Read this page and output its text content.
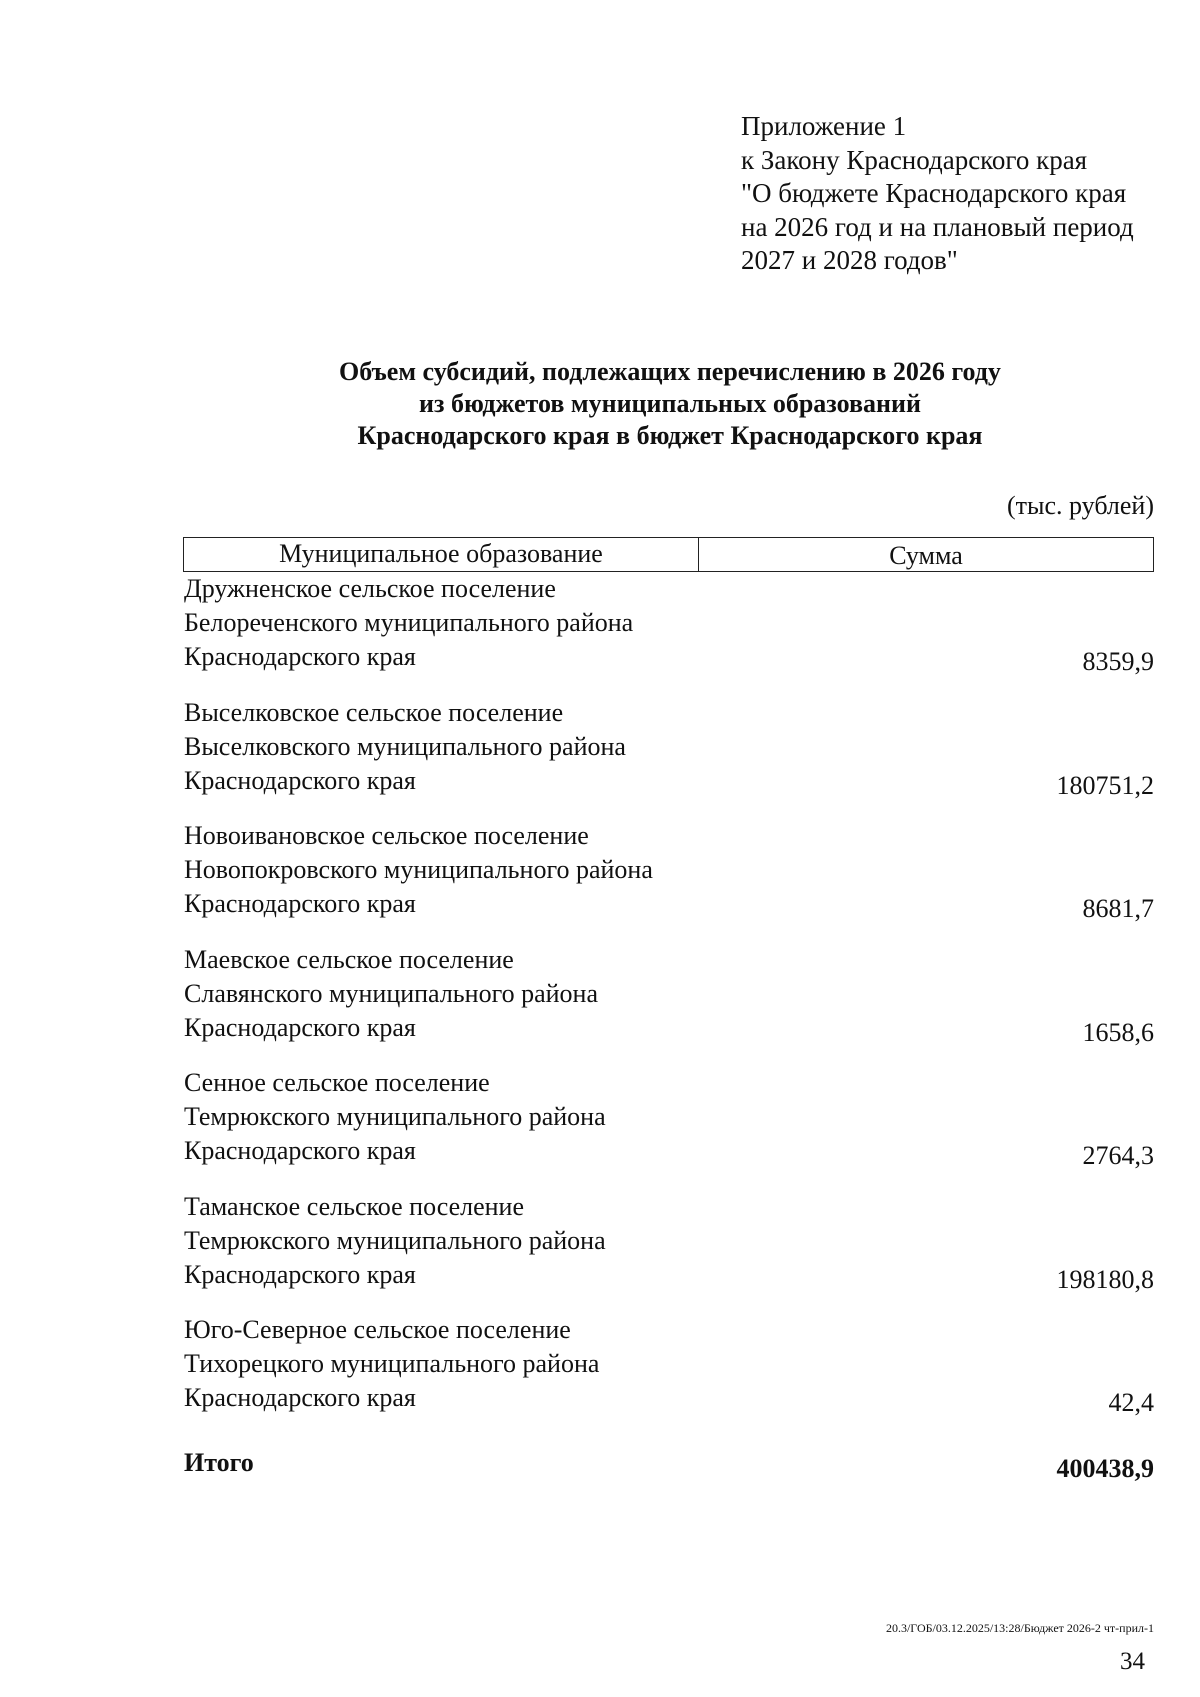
Приложение 1
к Закону Краснодарского края
"О бюджете Краснодарского края
на 2026 год и на плановый период
2027 и 2028 годов"
Объем субсидий, подлежащих перечислению в 2026 году
из бюджетов муниципальных образований
Краснодарского края в бюджет Краснодарского края
(тыс. рублей)
Муниципальное образование	Сумма
Дружненское сельское поселение
Белореченского муниципального района
Краснодарского края	8359,9
Выселковское сельское поселение
Выселковского муниципального района
Краснодарского края	180751,2
Новоивановское сельское поселение
Новопокровского муниципального района
Краснодарского края	8681,7
Маевское сельское поселение
Славянского муниципального района
Краснодарского края	1658,6
Сенное сельское поселение
Темрюкского муниципального района
Краснодарского края	2764,3
Таманское сельское поселение
Темрюкского муниципального района
Краснодарского края	198180,8
Юго-Северное сельское поселение
Тихорецкого муниципального района
Краснодарского края	42,4
Итого	400438,9
20.3/ГОБ/03.12.2025/13:28/Бюджет 2026-2 чт-прил-1
34
